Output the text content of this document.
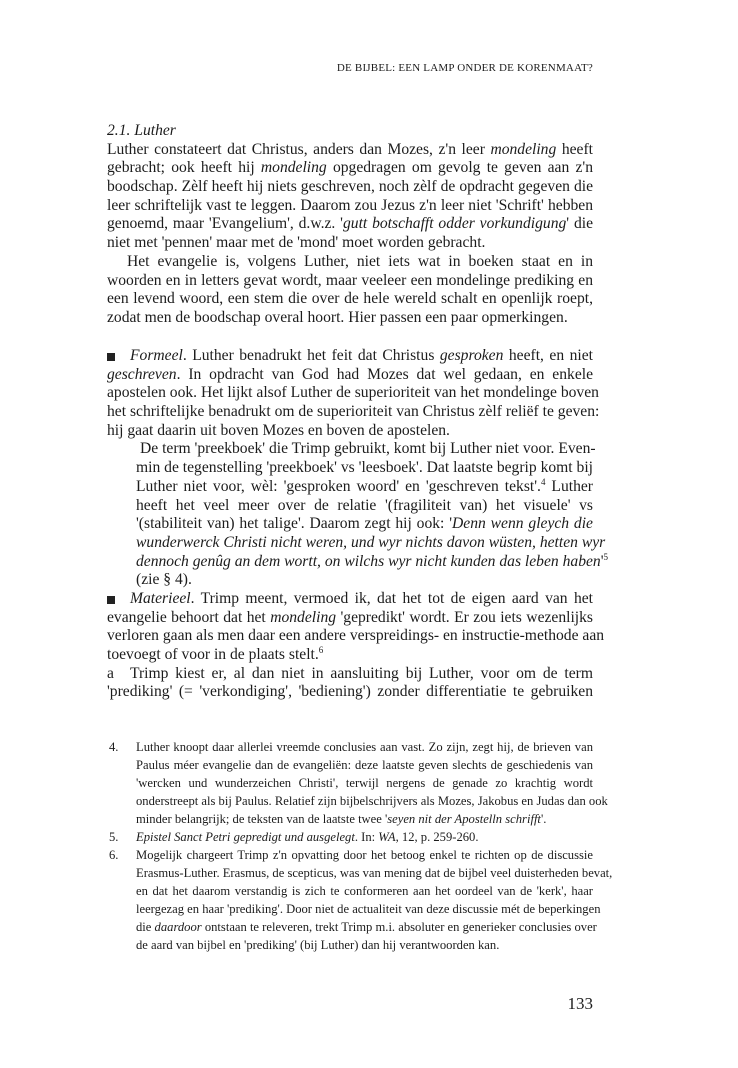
DE BIJBEL: EEN LAMP ONDER DE KORENMAAT?
2.1. Luther
Luther constateert dat Christus, anders dan Mozes, z'n leer mondeling heeft
gebracht; ook heeft hij mondeling opgedragen om gevolg te geven aan z'n
boodschap. Zèlf heeft hij niets geschreven, noch zèlf de opdracht gegeven die
leer schriftelijk vast te leggen. Daarom zou Jezus z'n leer niet 'Schrift' hebben
genoemd, maar 'Evangelium', d.w.z. 'gutt botschafft odder vorkundigung' die
niet met 'pennen' maar met de 'mond' moet worden gebracht.
Het evangelie is, volgens Luther, niet iets wat in boeken staat en in
woorden en in letters gevat wordt, maar veeleer een mondelinge prediking en
een levend woord, een stem die over de hele wereld schalt en openlijk roept,
zodat men de boodschap overal hoort. Hier passen een paar opmerkingen.
Formeel. Luther benadrukt het feit dat Christus gesproken heeft, en niet
geschreven. In opdracht van God had Mozes dat wel gedaan, en enkele
apostelen ook. Het lijkt alsof Luther de superioriteit van het mondelinge boven
het schriftelijke benadrukt om de superioriteit van Christus zèlf reliëf te geven:
hij gaat daarin uit boven Mozes en boven de apostelen.
De term 'preekboek' die Trimp gebruikt, komt bij Luther niet voor. Even-
min de tegenstelling 'preekboek' vs 'leesboek'. Dat laatste begrip komt bij
Luther niet voor, wèl: 'gesproken woord' en 'geschreven tekst'.$^4$ Luther
heeft het veel meer over de relatie '(fragiliteit van) het visuele' vs
'(stabiliteit van) het talige'. Daarom zegt hij ook: 'Denn wenn gleych die
wunderwerck Christi nicht weren, und wyr nichts davon wüsten, hetten wyr
dennoch genûg an dem wortt, on wilchs wyr nicht kunden das leben $haben'^5$
(zie § 4).
Materieel. Trimp meent, vermoed ik, dat het tot de eigen aard van het
evangelie behoort dat het mondeling 'gepredikt' wordt. Er zou iets wezenlijks
verloren gaan als men daar een andere verspreidings- en instructie-methode aan
toevoegt of voor in de plaats stelt.$^6$
a Trimp kiest er, al dan niet in aansluiting bij Luther, voor om de term
'prediking' (= 'verkondiging', 'bediening') zonder differentiatie te gebruiken
4. Luther knoopt daar allerlei vreemde conclusies aan vast. Zo zijn, zegt hij, de brieven van
Paulus méer evangelie dan de evangeliën: deze laatste geven slechts de geschiedenis van
'wercken und wunderzeichen Christi', terwijl nergens de genade zo krachtig wordt
onderstreept als bij Paulus. Relatief zijn bijbelschrijvers als Mozes, Jakobus en Judas dan ook
minder belangrijk; de teksten van de laatste twee 'seyen nit der Apostelln schrifft'.
5. Epistel Sanct Petri gepredigt und ausgelegt. In: WA, 12, p. 259-260.
6. Mogelijk chargeert Trimp z'n opvatting door het betoog enkel te richten op de discussie
Erasmus-Luther. Erasmus, de scepticus, was van mening dat de bijbel veel duisterheden bevat,
en dat het daarom verstandig is zich te conformeren aan het oordeel van de 'kerk', haar
leergezag en haar 'prediking'. Door niet de actualiteit van deze discussie mét de beperkingen
die daardoor ontstaan te releveren, trekt Trimp m.i. absoluter en generieker conclusies over
de aard van bijbel en 'prediking' (bij Luther) dan hij verantwoorden kan.
133
